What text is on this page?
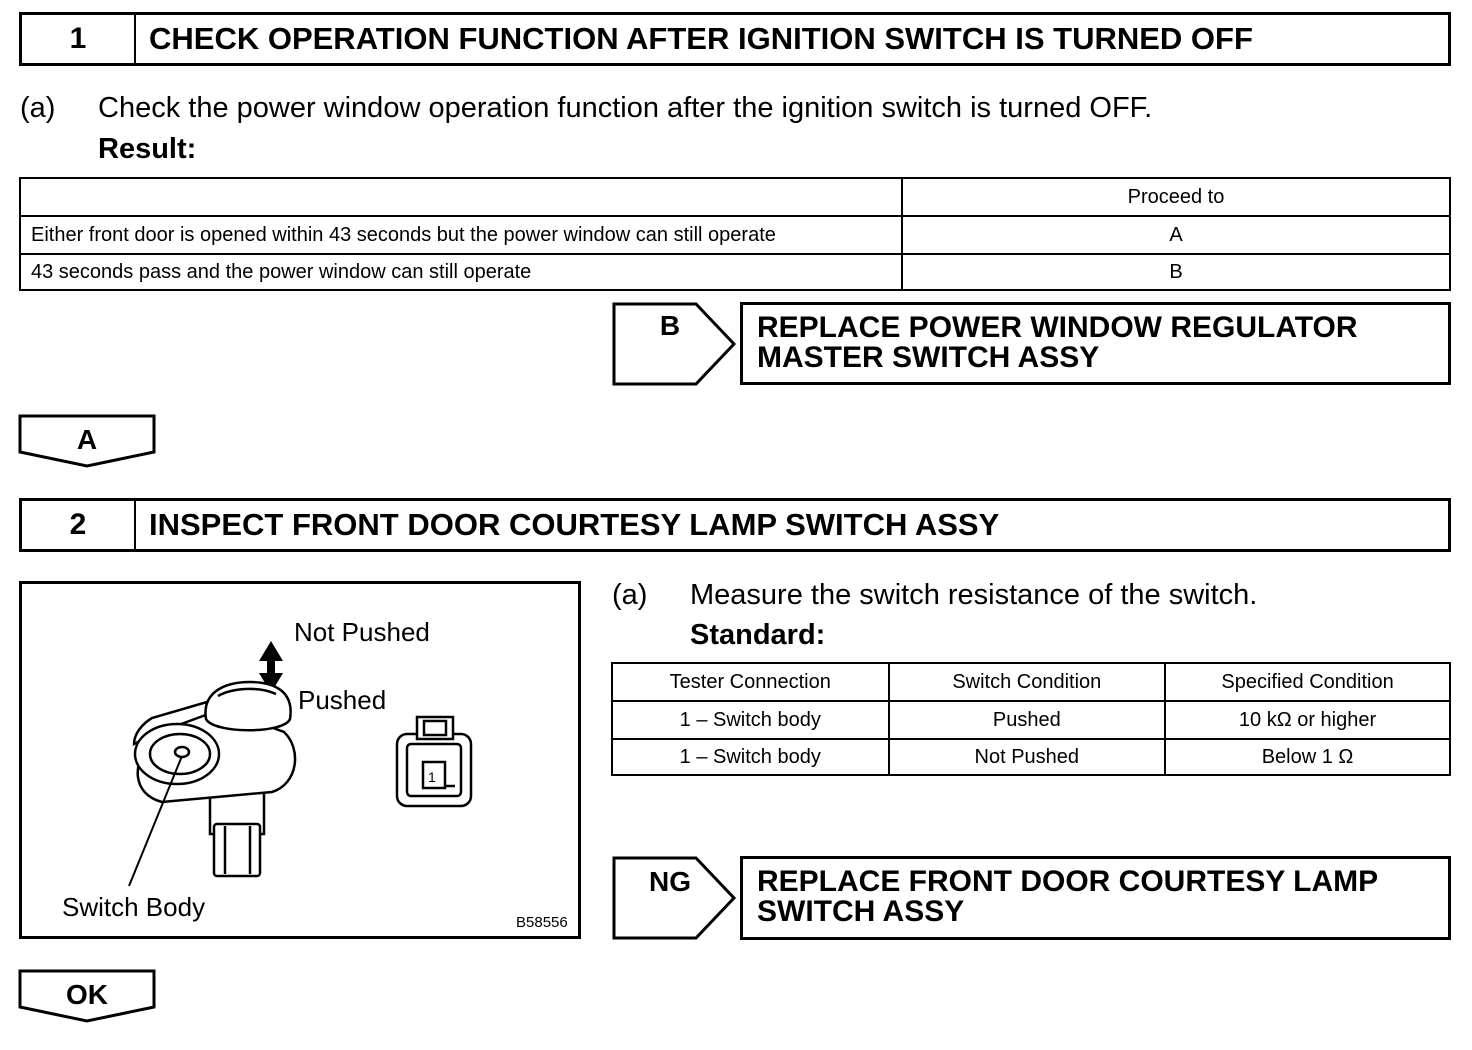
1	CHECK OPERATION FUNCTION AFTER IGNITION SWITCH IS TURNED OFF
(a) Check the power window operation function after the ignition switch is turned OFF.
Result:
	Proceed to
Either front door is opened within 43 seconds but the power window can still operate	A
43 seconds pass and the power window can still operate	B
B	REPLACE POWER WINDOW REGULATOR
MASTER SWITCH ASSY
A
2	INSPECT FRONT DOOR COURTESY LAMP SWITCH ASSY
1
Not Pushed
Pushed
Switch Body
B58556
(a) Measure the switch resistance of the switch.
Standard:
Tester Connection	Switch Condition	Specified Condition
1 – Switch body	Pushed	10 kΩ or higher
1 – Switch body	Not Pushed	Below 1 Ω
NG	REPLACE FRONT DOOR COURTESY LAMP
SWITCH ASSY
OK
